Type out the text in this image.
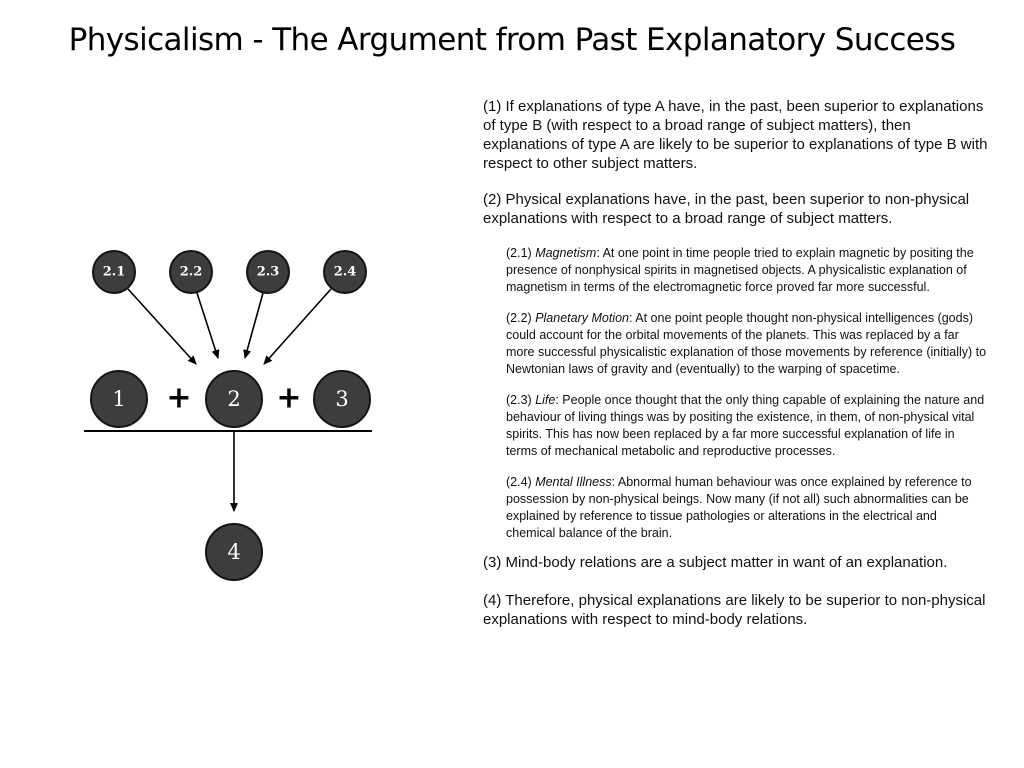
Physicalism - The Argument from Past Explanatory Success
2.1	2.2	2.3	2.4
1 + 2 + 3
4

(1) If explanations of type A have, in the past, been superior to explanations of type B (with respect to a broad range of subject matters), then explanations of type A are likely to be superior to explanations of type B with respect to other subject matters.

(2) Physical explanations have, in the past, been superior to non-physical explanations with respect to a broad range of subject matters.

(2.1) Magnetism: At one point in time people tried to explain magnetic by positing the presence of nonphysical spirits in magnetised objects. A physicalistic explanation of magnetism in terms of the electromagnetic force proved far more successful.

(2.2) Planetary Motion: At one point people thought non-physical intelligences (gods) could account for the orbital movements of the planets. This was replaced by a far more successful physicalistic explanation of those movements by reference (initially) to Newtonian laws of gravity and (eventually) to the warping of spacetime.

(2.3) Life: People once thought that the only thing capable of explaining the nature and behaviour of living things was by positing the existence, in them, of non-physical vital spirits. This has now been replaced by a far more successful explanation of life in terms of mechanical metabolic and reproductive processes.

(2.4) Mental Illness: Abnormal human behaviour was once explained by reference to possession by non-physical beings. Now many (if not all) such abnormalities can be explained by reference to tissue pathologies or alterations in the electrical and chemical balance of the brain.

(3) Mind-body relations are a subject matter in want of an explanation.

(4) Therefore, physical explanations are likely to be superior to non-physical explanations with respect to mind-body relations.
